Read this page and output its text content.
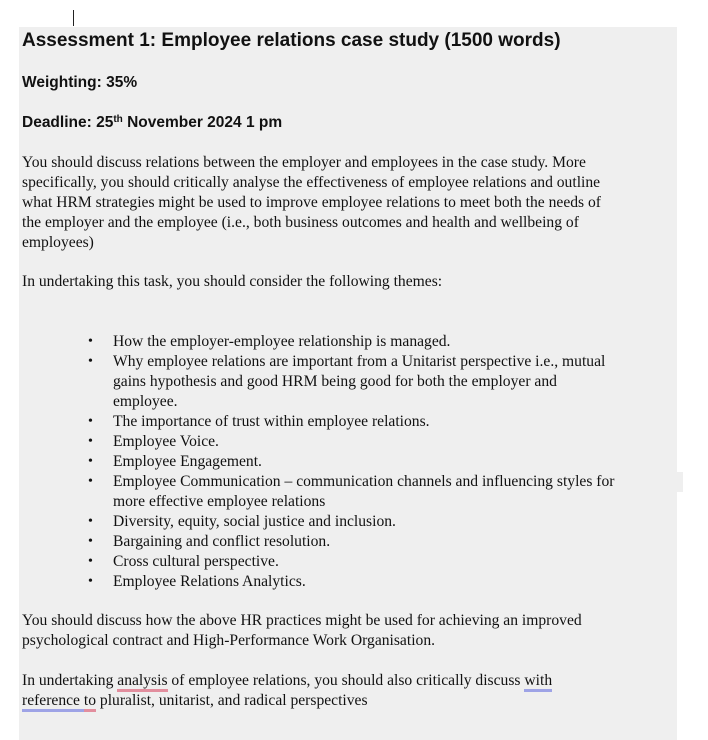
Assessment 1: Employee relations case study (1500 words)
Weighting: 35%
Deadline: 25th November 2024 1 pm
You should discuss relations between the employer and employees in the case study. More
specifically, you should critically analyse the effectiveness of employee relations and outline
what HRM strategies might be used to improve employee relations to meet both the needs of
the employer and the employee (i.e., both business outcomes and health and wellbeing of
employees)
In undertaking this task, you should consider the following themes:
• How the employer-employee relationship is managed.
• Why employee relations are important from a Unitarist perspective i.e., mutual
gains hypothesis and good HRM being good for both the employer and
employee.
• The importance of trust within employee relations.
• Employee Voice.
• Employee Engagement.
• Employee Communication – communication channels and influencing styles for
more effective employee relations
• Diversity, equity, social justice and inclusion.
• Bargaining and conflict resolution.
• Cross cultural perspective.
• Employee Relations Analytics.
You should discuss how the above HR practices might be used for achieving an improved
psychological contract and High-Performance Work Organisation.
In undertaking analysis of employee relations, you should also critically discuss with
reference to pluralist, unitarist, and radical perspectives
